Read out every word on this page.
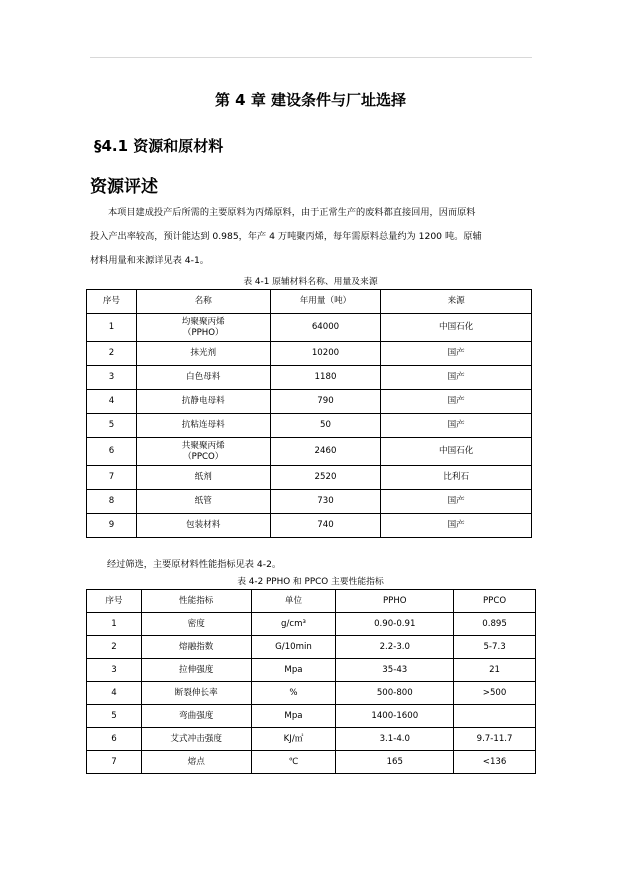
第 4 章 建设条件与厂址选择
§4.1 资源和原材料
资源评述

本项目建成投产后所需的主要原料为丙烯原料，由于正常生产的废料都直接回用，因而原料

投入产出率较高，预计能达到 0.985，年产 4 万吨聚丙烯，每年需原料总量约为 1200 吨。原辅

材料用量和来源详见表 4-1。

表 4-1 原辅材料名称、用量及来源
序号	名称	年用量（吨）	来源
1	均聚聚丙烯
（PPHO）	64000	中国石化
2	抹光剂	10200	国产
3	白色母料	1180	国产
4	抗静电母料	790	国产
5	抗粘连母料	50	国产
6	共聚聚丙烯
（PPCO）	2460	中国石化
7	纸剂	2520	比利石
8	纸管	730	国产
9	包装材料	740	国产
经过筛选，主要原材料性能指标见表 4-2。
表 4-2 PPHO 和 PPCO 主要性能指标
序号	性能指标	单位	PPHO	PPCO
1	密度	g/cm³	0.90-0.91	0.895
2	熔融指数	G/10min	2.2-3.0	5-7.3
3	拉伸强度	Mpa	35-43	21
4	断裂伸长率	%	500-800	>500
5	弯曲强度	Mpa	1400-1600	
6	艾式冲击强度	KJ/㎡	3.1-4.0	9.7-11.7
7	熔点	℃	165	<136
